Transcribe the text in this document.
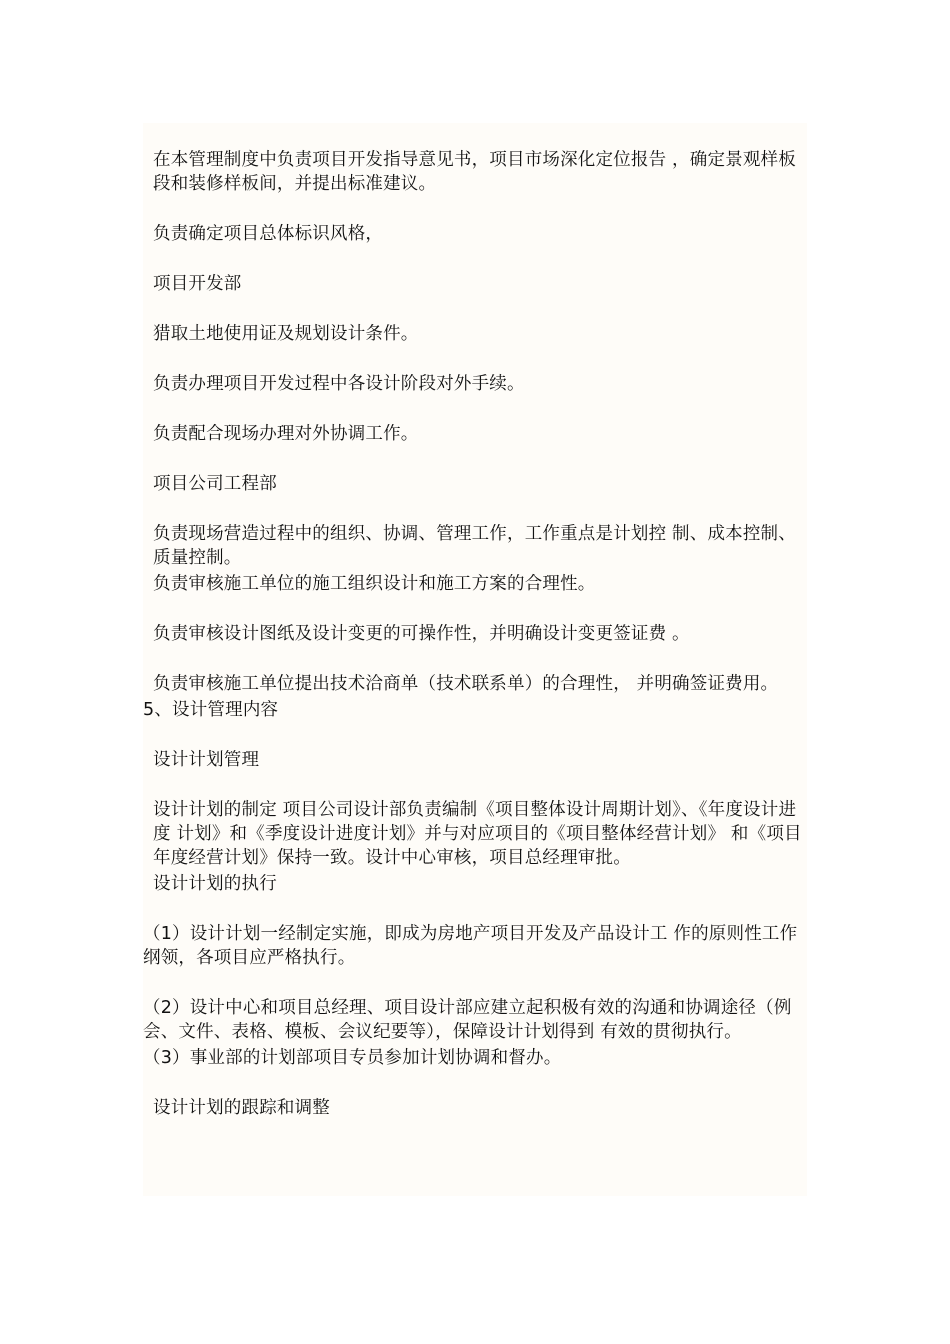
在本管理制度中负责项目开发指导意见书，项目市场深化定位报告 ，确定景观样板段和装修样板间，并提出标准建议。

负责确定项目总体标识风格，

项目开发部

猎取土地使用证及规划设计条件。

负责办理项目开发过程中各设计阶段对外手续。

负责配合现场办理对外协调工作。

项目公司工程部

负责现场营造过程中的组织、协调、管理工作，工作重点是计划控 制、成本控制、质量控制。

负责审核施工单位的施工组织设计和施工方案的合理性。

负责审核设计图纸及设计变更的可操作性，并明确设计变更签证费 。

负责审核施工单位提出技术洽商单（技术联系单）的合理性， 并明确签证费用。

5、设计管理内容

设计计划管理

设计计划的制定 项目公司设计部负责编制《项目整体设计周期计划》、《年度设计进度 计划》和《季度设计进度计划》并与对应项目的《项目整体经营计划》 和《项目年度经营计划》保持一致。设计中心审核，项目总经理审批。

设计计划的执行

（1）设计计划一经制定实施，即成为房地产项目开发及产品设计工 作的原则性工作纲领，各项目应严格执行。

（2）设计中心和项目总经理、项目设计部应建立起积极有效的沟通和协调途径（例会、文件、表格、模板、会议纪要等），保障设计计划得到 有效的贯彻执行。

（3）事业部的计划部项目专员参加计划协调和督办。

设计计划的跟踪和调整
